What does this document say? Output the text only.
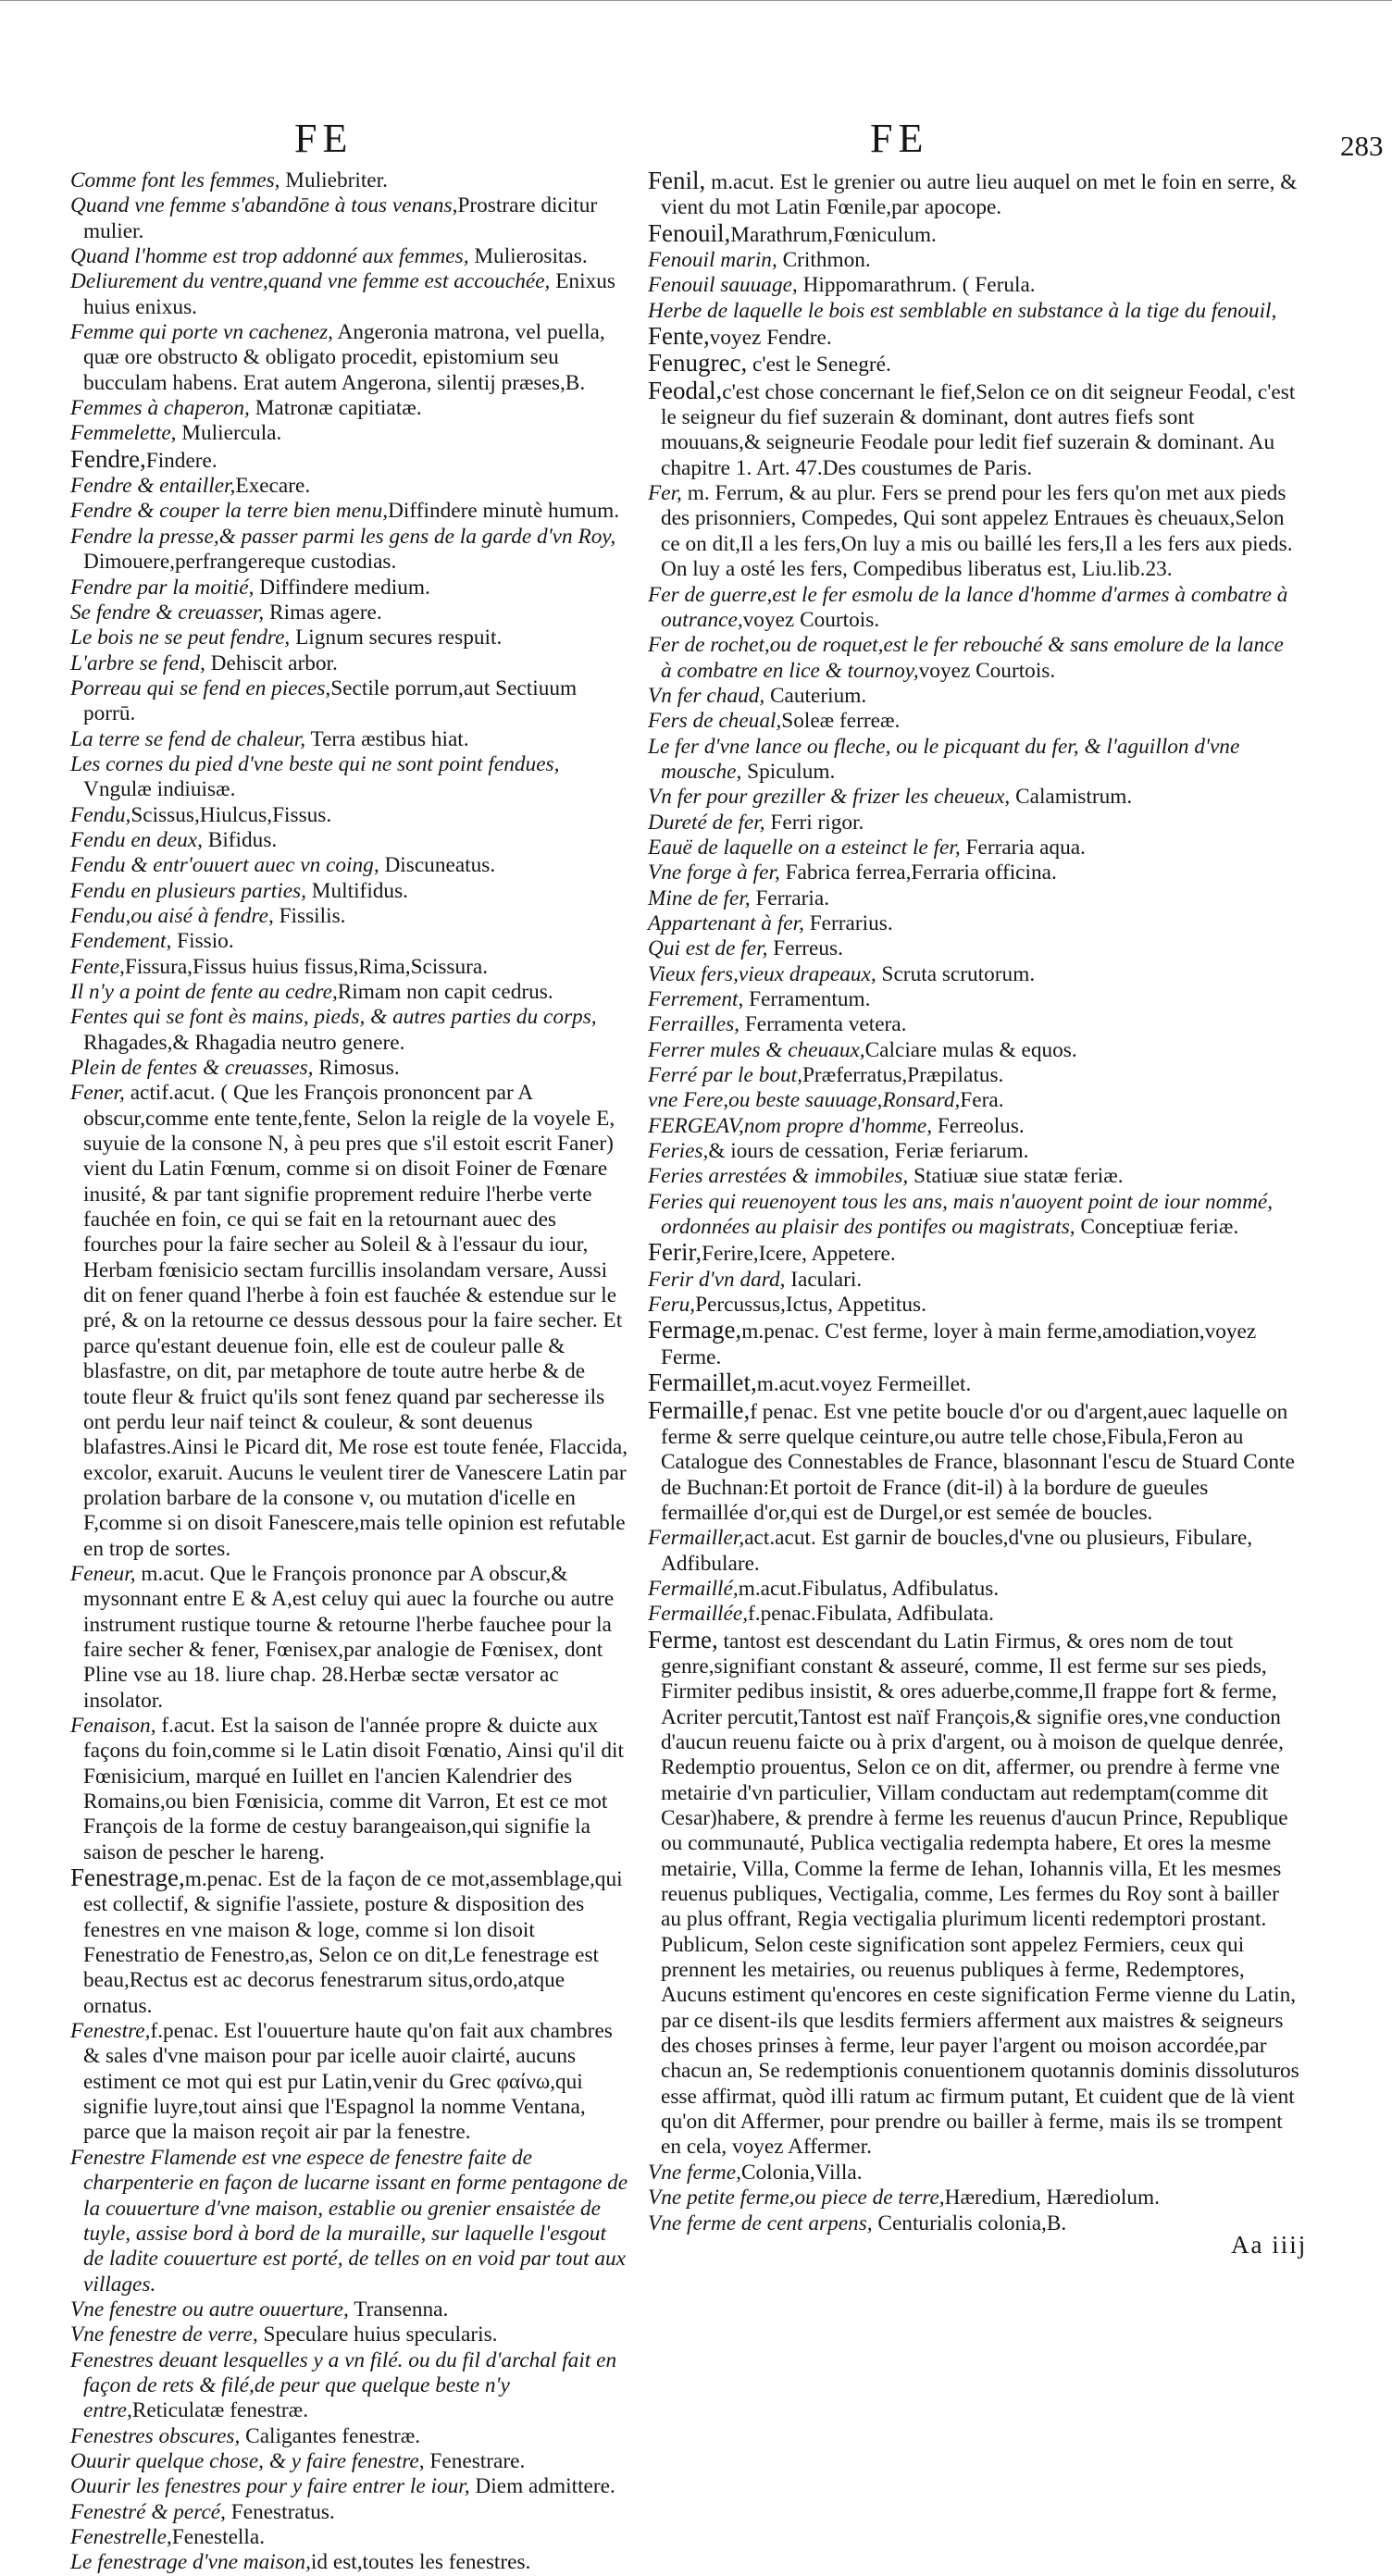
FE	FE	283

Comme font les femmes, Muliebriter.

Quand vne femme s'abandōne à tous venans,Prostrare dicitur mulier.

Quand l'homme est trop addonné aux femmes, Mulierositas.

Deliurement du ventre,quand vne femme est accouchée, Enixus huius enixus.

Femme qui porte vn cachenez, Angeronia matrona, vel puella, quæ ore obstructo & obligato procedit, epistomium seu bucculam habens. Erat autem Angerona, silentij præses,B.

Femmes à chaperon, Matronæ capitiatæ.

Femmelette, Muliercula.

Fendre,Findere.

Fendre & entailler,Execare.

Fendre & couper la terre bien menu,Diffindere minutè humum.

Fendre la presse,& passer parmi les gens de la garde d'vn Roy, Dimouere,perfrangereque custodias.

Fendre par la moitié, Diffindere medium.

Se fendre & creuasser, Rimas agere.

Le bois ne se peut fendre, Lignum secures respuit.

L'arbre se fend, Dehiscit arbor.

Porreau qui se fend en pieces,Sectile porrum,aut Sectiuum porrū.

La terre se fend de chaleur, Terra æstibus hiat.

Les cornes du pied d'vne beste qui ne sont point fendues, Vngulæ indiuisæ.

Fendu,Scissus,Hiulcus,Fissus.

Fendu en deux, Bifidus.

Fendu & entr'ouuert auec vn coing, Discuneatus.

Fendu en plusieurs parties, Multifidus.

Fendu,ou aisé à fendre, Fissilis.

Fendement, Fissio.

Fente,Fissura,Fissus huius fissus,Rima,Scissura.

Il n'y a point de fente au cedre,Rimam non capit cedrus.

Fentes qui se font ès mains, pieds, & autres parties du corps, Rhagades,& Rhagadia neutro genere.

Plein de fentes & creuasses, Rimosus.

Fener, actif.acut. ( Que les François prononcent par A obscur,comme ente tente,fente, Selon la reigle de la voyele E, suyuie de la consone N, à peu pres que s'il estoit escrit Faner) vient du Latin Fœnum, comme si on disoit Foiner de Fœnare inusité, & par tant signifie proprement reduire l'herbe verte fauchée en foin, ce qui se fait en la retournant auec des fourches pour la faire secher au Soleil & à l'essaur du iour, Herbam fœnisicio sectam furcillis insolandam versare, Aussi dit on fener quand l'herbe à foin est fauchée & estendue sur le pré, & on la retourne ce dessus dessous pour la faire secher. Et parce qu'estant deuenue foin, elle est de couleur palle & blasfastre, on dit, par metaphore de toute autre herbe & de toute fleur & fruict qu'ils sont fenez quand par secheresse ils ont perdu leur naif teinct & couleur, & sont deuenus blafastres.Ainsi le Picard dit, Me rose est toute fenée, Flaccida, excolor, exaruit. Aucuns le veulent tirer de Vanescere Latin par prolation barbare de la consone v, ou mutation d'icelle en F,comme si on disoit Fanescere,mais telle opinion est refutable en trop de sortes.

Feneur, m.acut. Que le François prononce par A obscur,& mysonnant entre E & A,est celuy qui auec la fourche ou autre instrument rustique tourne & retourne l'herbe fauchee pour la faire secher & fener, Fœnisex,par analogie de Fœnisex, dont Pline vse au 18. liure chap. 28.Herbæ sectæ versator ac insolator.

Fenaison, f.acut. Est la saison de l'année propre & duicte aux façons du foin,comme si le Latin disoit Fœnatio, Ainsi qu'il dit Fœnisicium, marqué en Iuillet en l'ancien Kalendrier des Romains,ou bien Fœnisicia, comme dit Varron, Et est ce mot François de la forme de cestuy barangeaison,qui signifie la saison de pescher le hareng.

Fenestrage,m.penac. Est de la façon de ce mot,assemblage,qui est collectif, & signifie l'assiete, posture & disposition des fenestres en vne maison & loge, comme si lon disoit Fenestratio de Fenestro,as, Selon ce on dit,Le fenestrage est beau,Rectus est ac decorus fenestrarum situs,ordo,atque ornatus.

Fenestre,f.penac. Est l'ouuerture haute qu'on fait aux chambres & sales d'vne maison pour par icelle auoir clairté, aucuns estiment ce mot qui est pur Latin,venir du Grec φαίνω,qui signifie luyre,tout ainsi que l'Espagnol la nomme Ventana, parce que la maison reçoit air par la fenestre.

Fenestre Flamende est vne espece de fenestre faite de charpenterie en façon de lucarne issant en forme pentagone de la couuerture d'vne maison, establie ou grenier ensaistée de tuyle, assise bord à bord de la muraille, sur laquelle l'esgout de ladite couuerture est porté, de telles on en void par tout aux villages.

Vne fenestre ou autre ouuerture, Transenna.

Vne fenestre de verre, Speculare huius specularis.

Fenestres deuant lesquelles y a vn filé. ou du fil d'archal fait en façon de rets & filé,de peur que quelque beste n'y entre,Reticulatæ fenestræ.

Fenestres obscures, Caligantes fenestræ.

Ouurir quelque chose, & y faire fenestre, Fenestrare.

Ouurir les fenestres pour y faire entrer le iour, Diem admittere.

Fenestré & percé, Fenestratus.

Fenestrelle,Fenestella.

Le fenestrage d'vne maison,id est,toutes les fenestres.

Fenil, m.acut. Est le grenier ou autre lieu auquel on met le foin en serre, & vient du mot Latin Fœnile,par apocope.

Fenouil,Marathrum,Fœniculum.

Fenouil marin, Crithmon.

Fenouil sauuage, Hippomarathrum. ( Ferula.

Herbe de laquelle le bois est semblable en substance à la tige du fenouil,

Fente,voyez Fendre.

Fenugrec, c'est le Senegré.

Feodal,c'est chose concernant le fief,Selon ce on dit seigneur Feodal, c'est le seigneur du fief suzerain & dominant, dont autres fiefs sont mouuans,& seigneurie Feodale pour ledit fief suzerain & dominant. Au chapitre 1. Art. 47.Des coustumes de Paris.

Fer, m. Ferrum, & au plur. Fers se prend pour les fers qu'on met aux pieds des prisonniers, Compedes, Qui sont appelez Entraues ès cheuaux,Selon ce on dit,Il a les fers,On luy a mis ou baillé les fers,Il a les fers aux pieds. On luy a osté les fers, Compedibus liberatus est, Liu.lib.23.

Fer de guerre,est le fer esmolu de la lance d'homme d'armes à combatre à outrance,voyez Courtois.

Fer de rochet,ou de roquet,est le fer rebouché & sans emolure de la lance à combatre en lice & tournoy,voyez Courtois.

Vn fer chaud, Cauterium.

Fers de cheual,Soleæ ferreæ.

Le fer d'vne lance ou fleche, ou le picquant du fer, & l'aguillon d'vne mousche, Spiculum.

Vn fer pour greziller & frizer les cheueux, Calamistrum.

Dureté de fer, Ferri rigor.

Eauë de laquelle on a esteinct le fer, Ferraria aqua.

Vne forge à fer, Fabrica ferrea,Ferraria officina.

Mine de fer, Ferraria.

Appartenant à fer, Ferrarius.

Qui est de fer, Ferreus.

Vieux fers,vieux drapeaux, Scruta scrutorum.

Ferrement, Ferramentum.

Ferrailles, Ferramenta vetera.

Ferrer mules & cheuaux,Calciare mulas & equos.

Ferré par le bout,Præferratus,Præpilatus.

vne Fere,ou beste sauuage,Ronsard,Fera.

FERGEAV,nom propre d'homme, Ferreolus.

Feries,& iours de cessation, Feriæ feriarum.

Feries arrestées & immobiles, Statiuæ siue statæ feriæ.

Feries qui reuenoyent tous les ans, mais n'auoyent point de iour nommé, ordonnées au plaisir des pontifes ou magistrats, Conceptiuæ feriæ.

Ferir,Ferire,Icere, Appetere.

Ferir d'vn dard, Iaculari.

Feru,Percussus,Ictus, Appetitus.

Fermage,m.penac. C'est ferme, loyer à main ferme,amodiation,voyez Ferme.

Fermaillet,m.acut.voyez Fermeillet.

Fermaille,f penac. Est vne petite boucle d'or ou d'argent,auec laquelle on ferme & serre quelque ceinture,ou autre telle chose,Fibula,Feron au Catalogue des Connestables de France, blasonnant l'escu de Stuard Conte de Buchnan:Et portoit de France (dit-il) à la bordure de gueules fermaillée d'or,qui est de Durgel,or est semée de boucles.

Fermailler,act.acut. Est garnir de boucles,d'vne ou plusieurs, Fibulare, Adfibulare.

Fermaillé,m.acut.Fibulatus, Adfibulatus.

Fermaillée,f.penac.Fibulata, Adfibulata.

Ferme, tantost est descendant du Latin Firmus, & ores nom de tout genre,signifiant constant & asseuré, comme, Il est ferme sur ses pieds, Firmiter pedibus insistit, & ores aduerbe,comme,Il frappe fort & ferme, Acriter percutit,Tantost est naïf François,& signifie ores,vne conduction d'aucun reuenu faicte ou à prix d'argent, ou à moison de quelque denrée, Redemptio prouentus, Selon ce on dit, affermer, ou prendre à ferme vne metairie d'vn particulier, Villam conductam aut redemptam(comme dit Cesar)habere, & prendre à ferme les reuenus d'aucun Prince, Republique ou communauté, Publica vectigalia redempta habere, Et ores la mesme metairie, Villa, Comme la ferme de Iehan, Iohannis villa, Et les mesmes reuenus publiques, Vectigalia, comme, Les fermes du Roy sont à bailler au plus offrant, Regia vectigalia plurimum licenti redemptori prostant. Publicum, Selon ceste signification sont appelez Fermiers, ceux qui prennent les metairies, ou reuenus publiques à ferme, Redemptores, Aucuns estiment qu'encores en ceste signification Ferme vienne du Latin, par ce disent-ils que lesdits fermiers afferment aux maistres & seigneurs des choses prinses à ferme, leur payer l'argent ou moison accordée,par chacun an, Se redemptionis conuentionem quotannis dominis dissoluturos esse affirmat, quòd illi ratum ac firmum putant, Et cuident que de là vient qu'on dit Affermer, pour prendre ou bailler à ferme, mais ils se trompent en cela, voyez Affermer.

Vne ferme,Colonia,Villa.

Vne petite ferme,ou piece de terre,Hæredium, Hærediolum.

Vne ferme de cent arpens, Centurialis colonia,B.

Aa iiij
